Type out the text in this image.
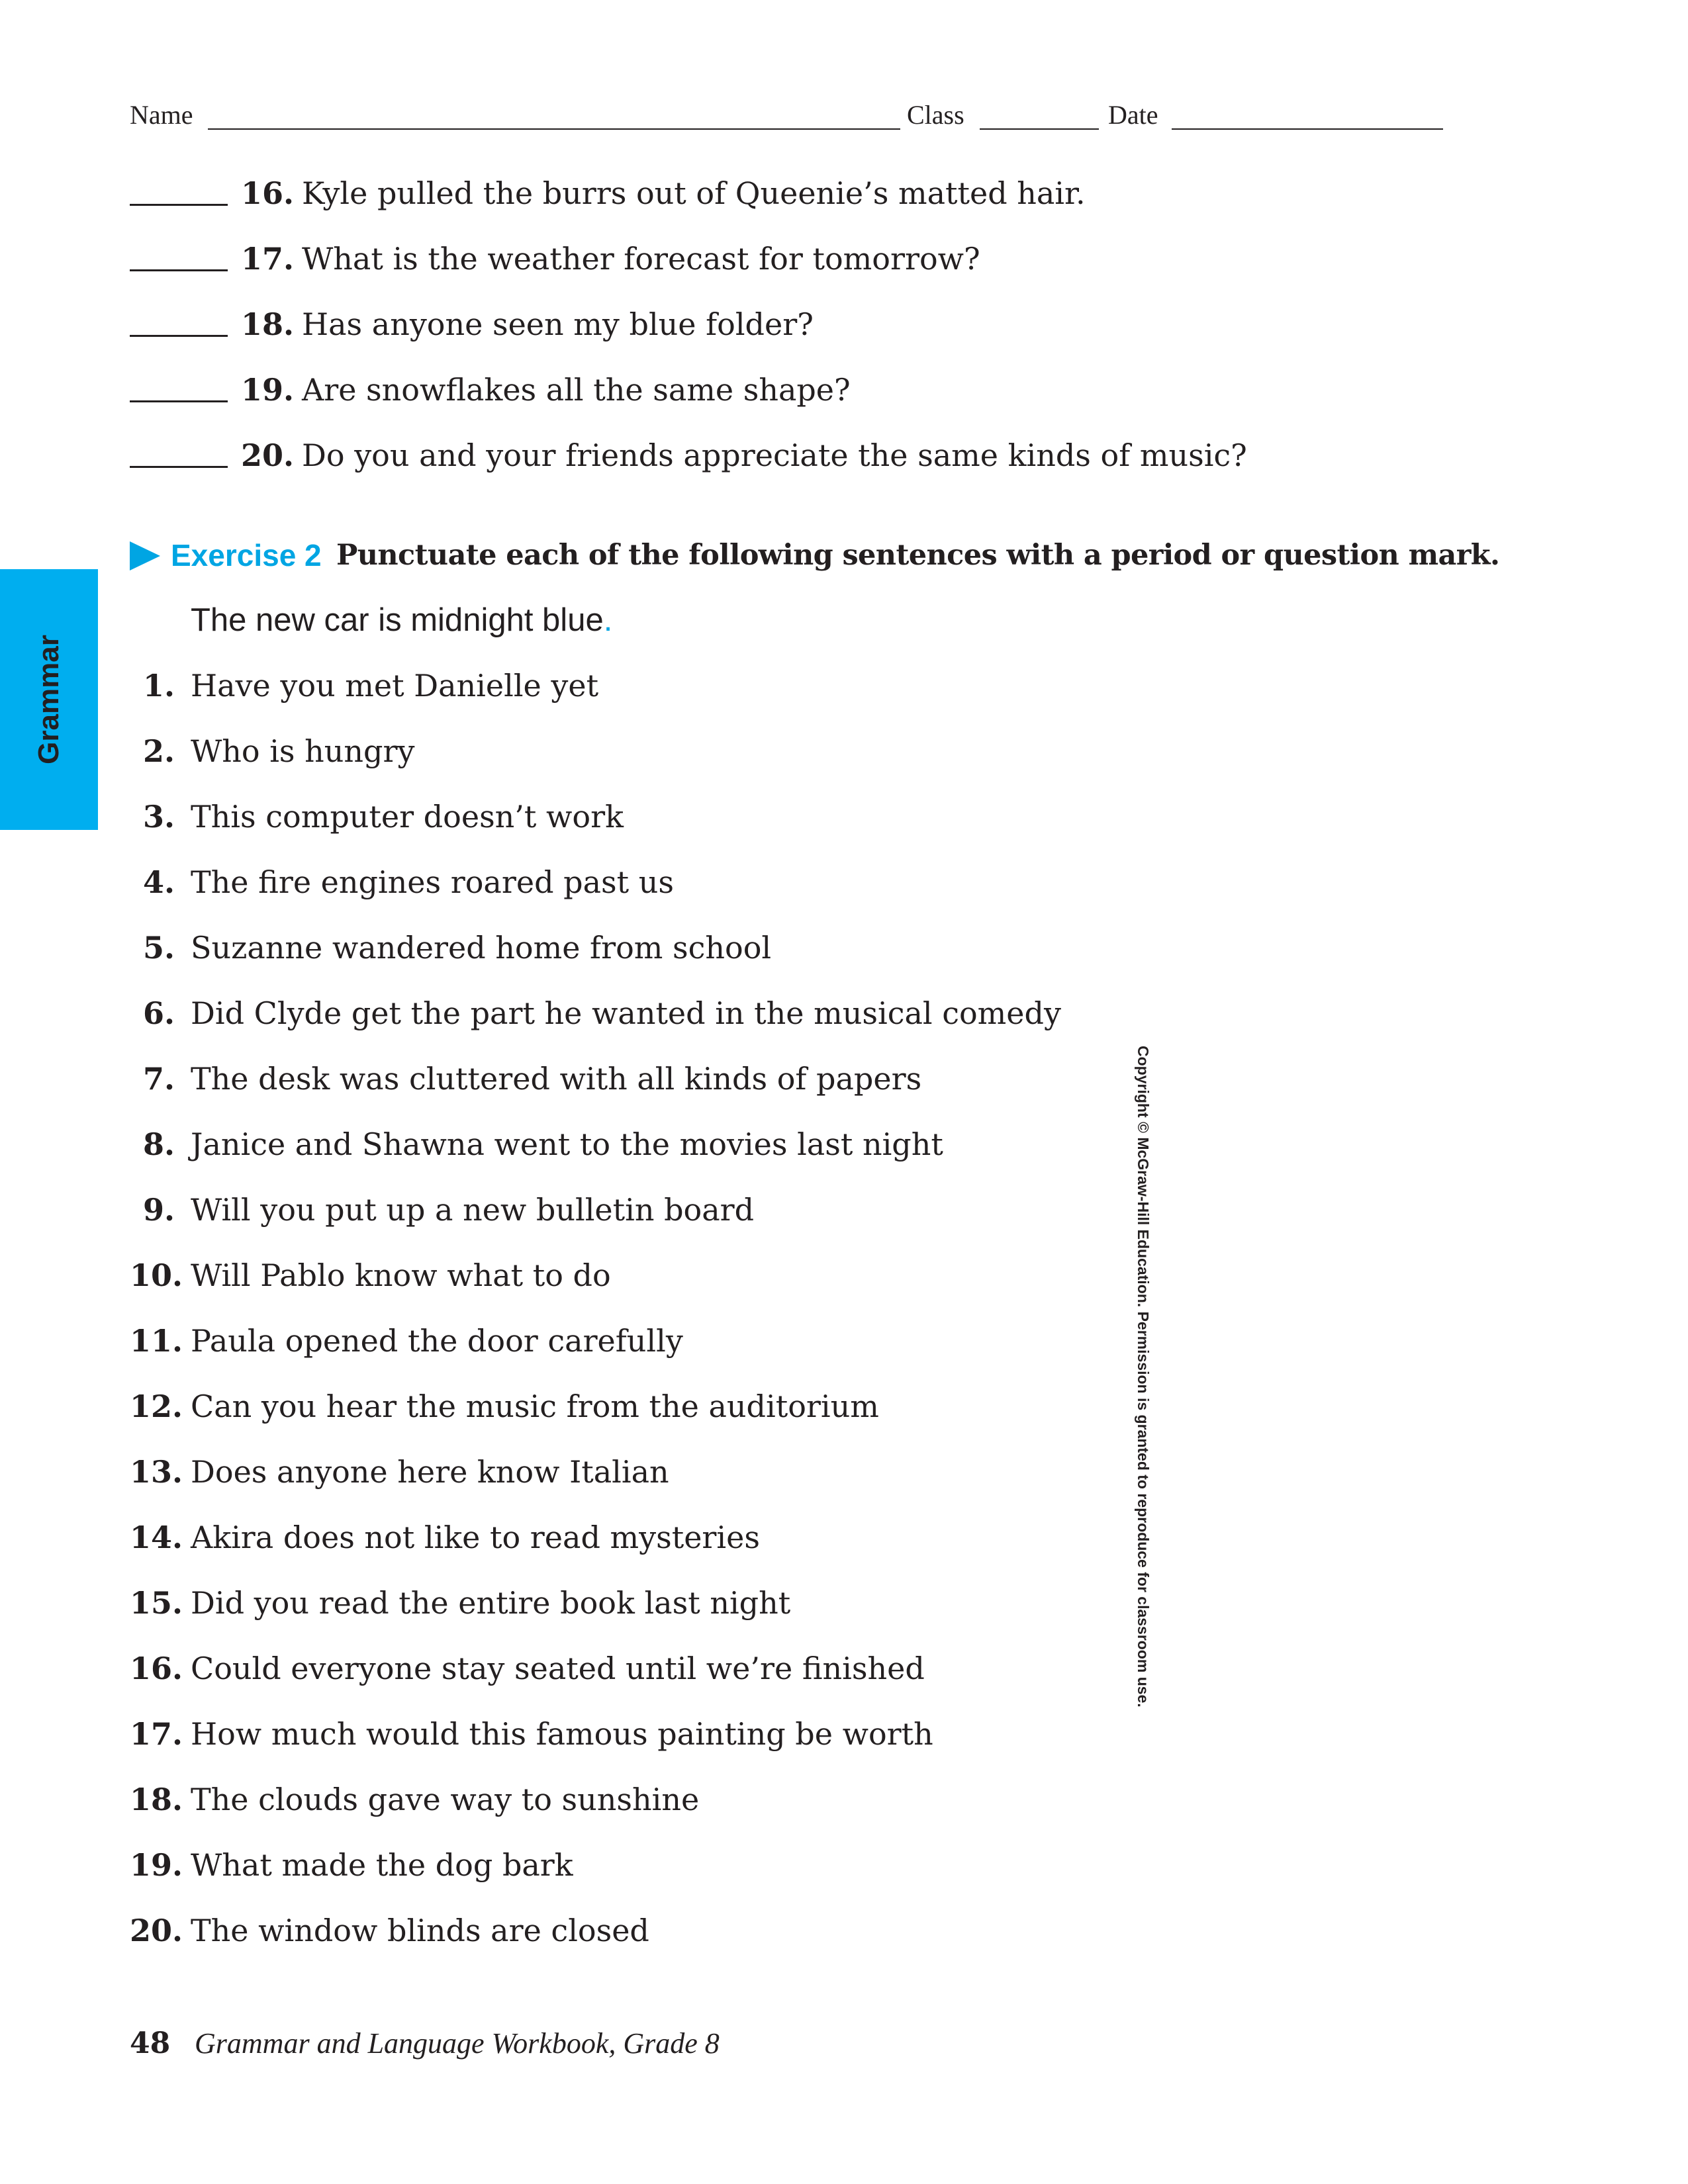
Name	Class	Date
16. Kyle pulled the burrs out of Queenie’s matted hair.
17. What is the weather forecast for tomorrow?
18. Has anyone seen my blue folder?
19. Are snowflakes all the same shape?
20. Do you and your friends appreciate the same kinds of music?
Exercise 2 Punctuate each of the following sentences with a period or question mark.
The new car is midnight blue.
1. Have you met Danielle yet
2. Who is hungry
3. This computer doesn’t work
4. The fire engines roared past us
5. Suzanne wandered home from school
6. Did Clyde get the part he wanted in the musical comedy
7. The desk was cluttered with all kinds of papers
8. Janice and Shawna went to the movies last night
9. Will you put up a new bulletin board
10. Will Pablo know what to do
11. Paula opened the door carefully
12. Can you hear the music from the auditorium
13. Does anyone here know Italian
14. Akira does not like to read mysteries
15. Did you read the entire book last night
16. Could everyone stay seated until we’re finished
17. How much would this famous painting be worth
18. The clouds gave way to sunshine
19. What made the dog bark
20. The window blinds are closed
Grammar
Copyright © McGraw-Hill Education. Permission is granted to reproduce for classroom use.
48 Grammar and Language Workbook, Grade 8
